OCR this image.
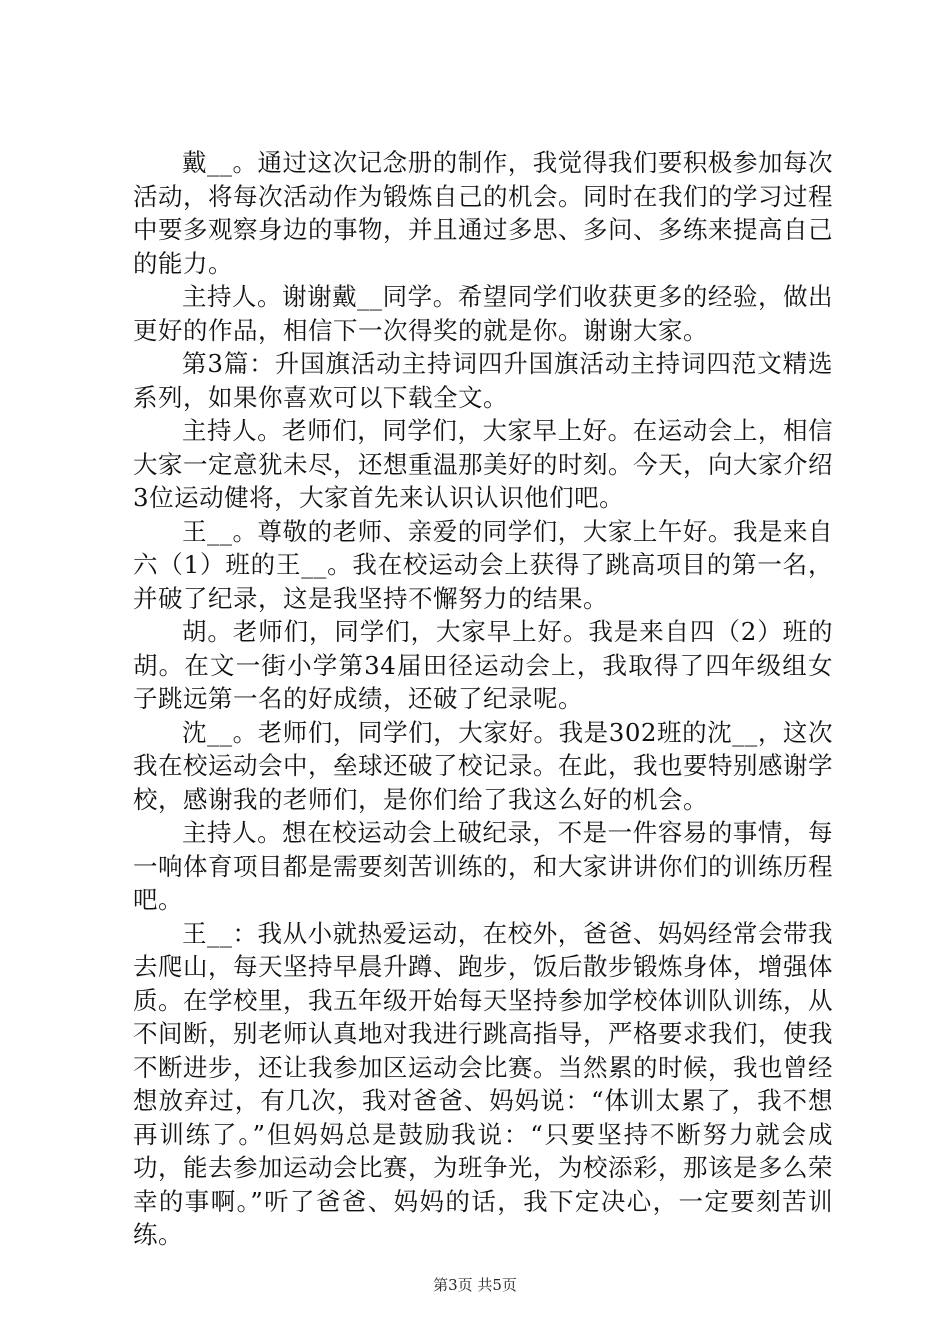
戴__。通过这次记念册的制作，我觉得我们要积极参加每次活动，将每次活动作为锻炼自己的机会。同时在我们的学习过程中要多观察身边的事物，并且通过多思、多问、多练来提高自己的能力。

主持人。谢谢戴__同学。希望同学们收获更多的经验，做出更好的作品，相信下一次得奖的就是你。谢谢大家。

第3篇：升国旗活动主持词四升国旗活动主持词四范文精选系列，如果你喜欢可以下载全文。

主持人。老师们，同学们，大家早上好。在运动会上，相信大家一定意犹未尽，还想重温那美好的时刻。今天，向大家介绍3位运动健将，大家首先来认识认识他们吧。

王__。尊敬的老师、亲爱的同学们，大家上午好。我是来自六（1）班的王__。我在校运动会上获得了跳高项目的第一名，并破了纪录，这是我坚持不懈努力的结果。

胡。老师们，同学们，大家早上好。我是来自四（2）班的胡。在文一街小学第34届田径运动会上，我取得了四年级组女子跳远第一名的好成绩，还破了纪录呢。

沈__。老师们，同学们，大家好。我是302班的沈__，这次我在校运动会中，垒球还破了校记录。在此，我也要特别感谢学校，感谢我的老师们，是你们给了我这么好的机会。

主持人。想在校运动会上破纪录，不是一件容易的事情，每一响体育项目都是需要刻苦训练的，和大家讲讲你们的训练历程吧。

王__：我从小就热爱运动，在校外，爸爸、妈妈经常会带我去爬山，每天坚持早晨升蹲、跑步，饭后散步锻炼身体，增强体质。在学校里，我五年级开始每天坚持参加学校体训队训练，从不间断，别老师认真地对我进行跳高指导，严格要求我们，使我不断进步，还让我参加区运动会比赛。当然累的时候，我也曾经想放弃过，有几次，我对爸爸、妈妈说：“体训太累了，我不想再训练了。”但妈妈总是鼓励我说：“只要坚持不断努力就会成功，能去参加运动会比赛，为班争光，为校添彩，那该是多么荣幸的事啊。”听了爸爸、妈妈的话，我下定决心，一定要刻苦训练。

第3页 共5页
